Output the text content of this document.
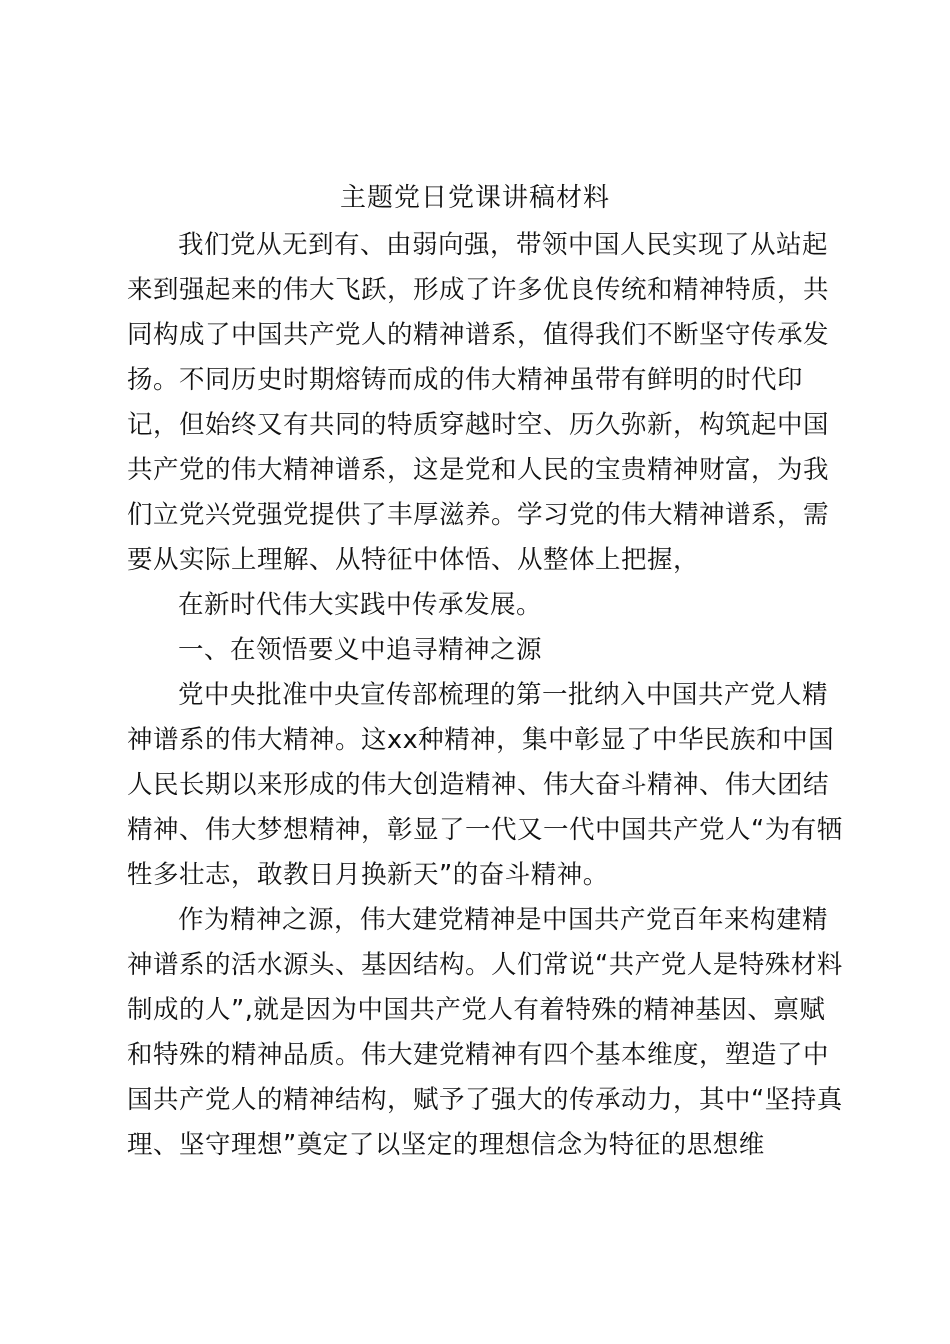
主题党日党课讲稿材料
我们党从无到有、由弱向强，带领中国人民实现了从站起
来到强起来的伟大飞跃，形成了许多优良传统和精神特质，共
同构成了中国共产党人的精神谱系，值得我们不断坚守传承发
扬。不同历史时期熔铸而成的伟大精神虽带有鲜明的时代印
记，但始终又有共同的特质穿越时空、历久弥新，构筑起中国
共产党的伟大精神谱系，这是党和人民的宝贵精神财富，为我
们立党兴党强党提供了丰厚滋养。学习党的伟大精神谱系，需
要从实际上理解、从特征中体悟、从整体上把握，
在新时代伟大实践中传承发展。
一、在领悟要义中追寻精神之源
党中央批准中央宣传部梳理的第一批纳入中国共产党人精
神谱系的伟大精神。这xx种精神，集中彰显了中华民族和中国
人民长期以来形成的伟大创造精神、伟大奋斗精神、伟大团结
精神、伟大梦想精神，彰显了一代又一代中国共产党人“为有牺
牲多壮志，敢教日月换新天”的奋斗精神。
作为精神之源，伟大建党精神是中国共产党百年来构建精
神谱系的活水源头、基因结构。人们常说“共产党人是特殊材料
制成的人”,就是因为中国共产党人有着特殊的精神基因、禀赋
和特殊的精神品质。伟大建党精神有四个基本维度，塑造了中
国共产党人的精神结构，赋予了强大的传承动力，其中“坚持真
理、坚守理想”奠定了以坚定的理想信念为特征的思想维
